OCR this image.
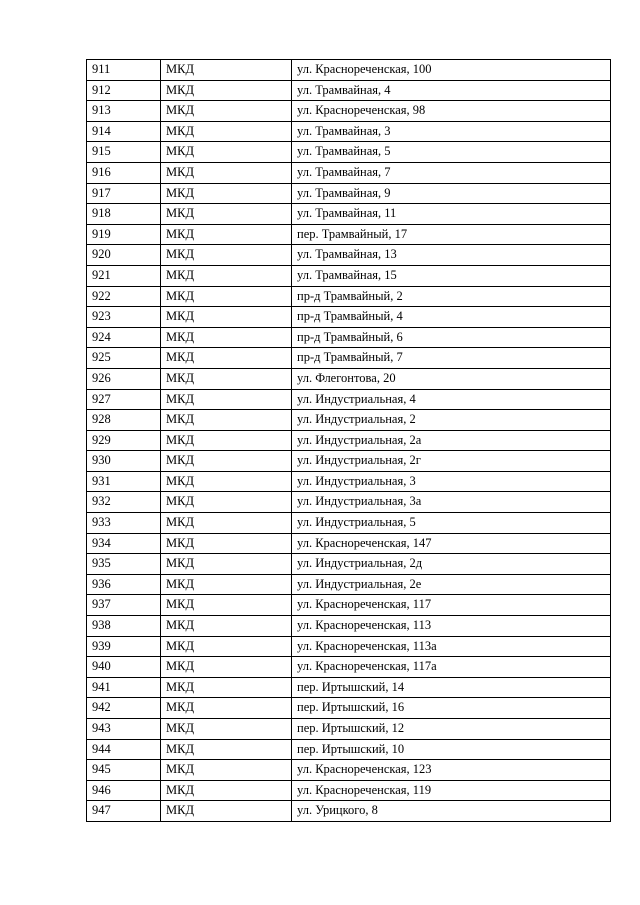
911	МКД	ул. Краснореченская, 100
912	МКД	ул. Трамвайная, 4
913	МКД	ул. Краснореченская, 98
914	МКД	ул. Трамвайная, 3
915	МКД	ул. Трамвайная, 5
916	МКД	ул. Трамвайная, 7
917	МКД	ул. Трамвайная, 9
918	МКД	ул. Трамвайная, 11
919	МКД	пер. Трамвайный, 17
920	МКД	ул. Трамвайная, 13
921	МКД	ул. Трамвайная, 15
922	МКД	пр-д Трамвайный, 2
923	МКД	пр-д Трамвайный, 4
924	МКД	пр-д Трамвайный, 6
925	МКД	пр-д Трамвайный, 7
926	МКД	ул. Флегонтова, 20
927	МКД	ул. Индустриальная, 4
928	МКД	ул. Индустриальная, 2
929	МКД	ул. Индустриальная, 2а
930	МКД	ул. Индустриальная, 2г
931	МКД	ул. Индустриальная, 3
932	МКД	ул. Индустриальная, 3а
933	МКД	ул. Индустриальная, 5
934	МКД	ул. Краснореченская, 147
935	МКД	ул. Индустриальная, 2д
936	МКД	ул. Индустриальная, 2е
937	МКД	ул. Краснореченская, 117
938	МКД	ул. Краснореченская, 113
939	МКД	ул. Краснореченская, 113а
940	МКД	ул. Краснореченская, 117а
941	МКД	пер. Иртышский, 14
942	МКД	пер. Иртышский, 16
943	МКД	пер. Иртышский, 12
944	МКД	пер. Иртышский, 10
945	МКД	ул. Краснореченская, 123
946	МКД	ул. Краснореченская, 119
947	МКД	ул. Урицкого, 8
